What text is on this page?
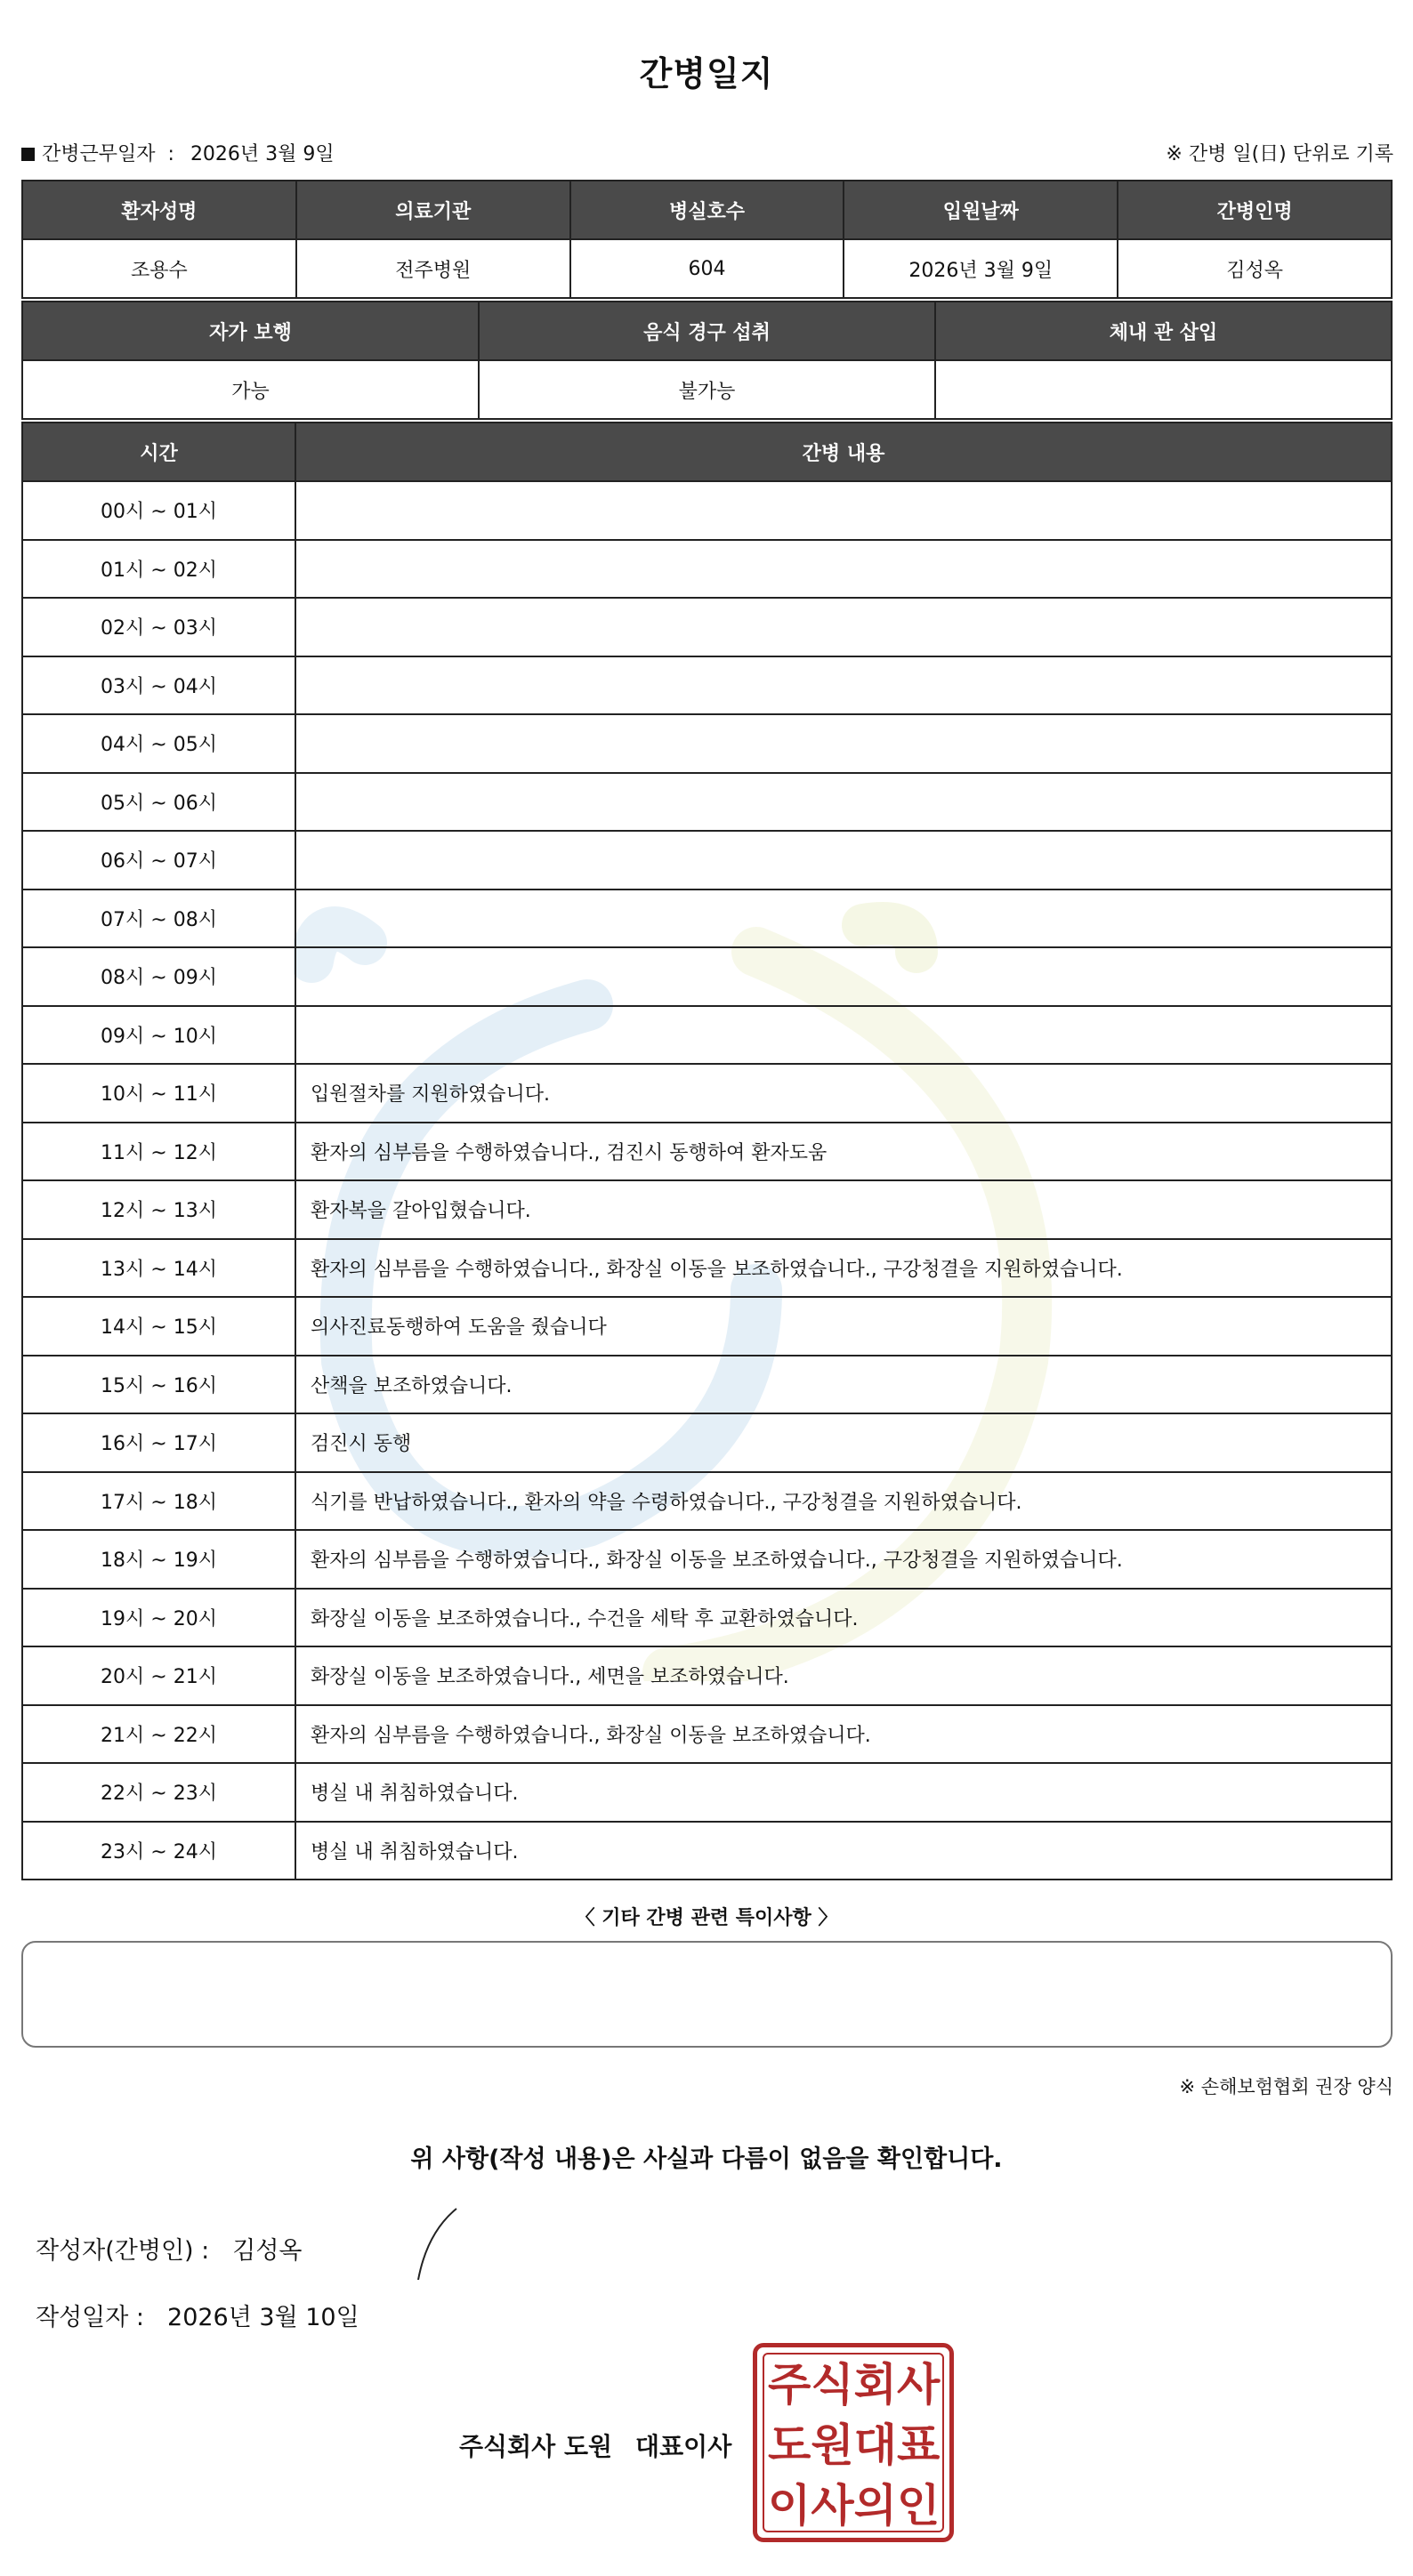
간병일지
간병근무일자 : 2026년 3월 9일	※ 간병 일(日) 단위로 기록
환자성명	의료기관	병실호수	입원날짜	간병인명
조용수	전주병원	604	2026년 3월 9일	김성옥
자가 보행	음식 경구 섭취	체내 관 삽입
가능	불가능	
시간	간병 내용
00시 ~ 01시	
01시 ~ 02시	
02시 ~ 03시	
03시 ~ 04시	
04시 ~ 05시	
05시 ~ 06시	
06시 ~ 07시	
07시 ~ 08시	
08시 ~ 09시	
09시 ~ 10시	
10시 ~ 11시	입원절차를 지원하였습니다.
11시 ~ 12시	환자의 심부름을 수행하였습니다., 검진시 동행하여 환자도움
12시 ~ 13시	환자복을 갈아입혔습니다.
13시 ~ 14시	환자의 심부름을 수행하였습니다., 화장실 이동을 보조하였습니다., 구강청결을 지원하였습니다.
14시 ~ 15시	의사진료동행하여 도움을 줬습니다
15시 ~ 16시	산책을 보조하였습니다.
16시 ~ 17시	검진시 동행
17시 ~ 18시	식기를 반납하였습니다., 환자의 약을 수령하였습니다., 구강청결을 지원하였습니다.
18시 ~ 19시	환자의 심부름을 수행하였습니다., 화장실 이동을 보조하였습니다., 구강청결을 지원하였습니다.
19시 ~ 20시	화장실 이동을 보조하였습니다., 수건을 세탁 후 교환하였습니다.
20시 ~ 21시	화장실 이동을 보조하였습니다., 세면을 보조하였습니다.
21시 ~ 22시	환자의 심부름을 수행하였습니다., 화장실 이동을 보조하였습니다.
22시 ~ 23시	병실 내 취침하였습니다.
23시 ~ 24시	병실 내 취침하였습니다.
〈 기타 간병 관련 특이사항 〉
※ 손해보험협회 권장 양식
위 사항(작성 내용)은 사실과 다름이 없음을 확인합니다.
작성자(간병인) : 김성옥
작성일자 : 2026년 3월 10일
주식회사 도원 대표이사
주 식 회 사
도 원 대 표
이 사 의 인
